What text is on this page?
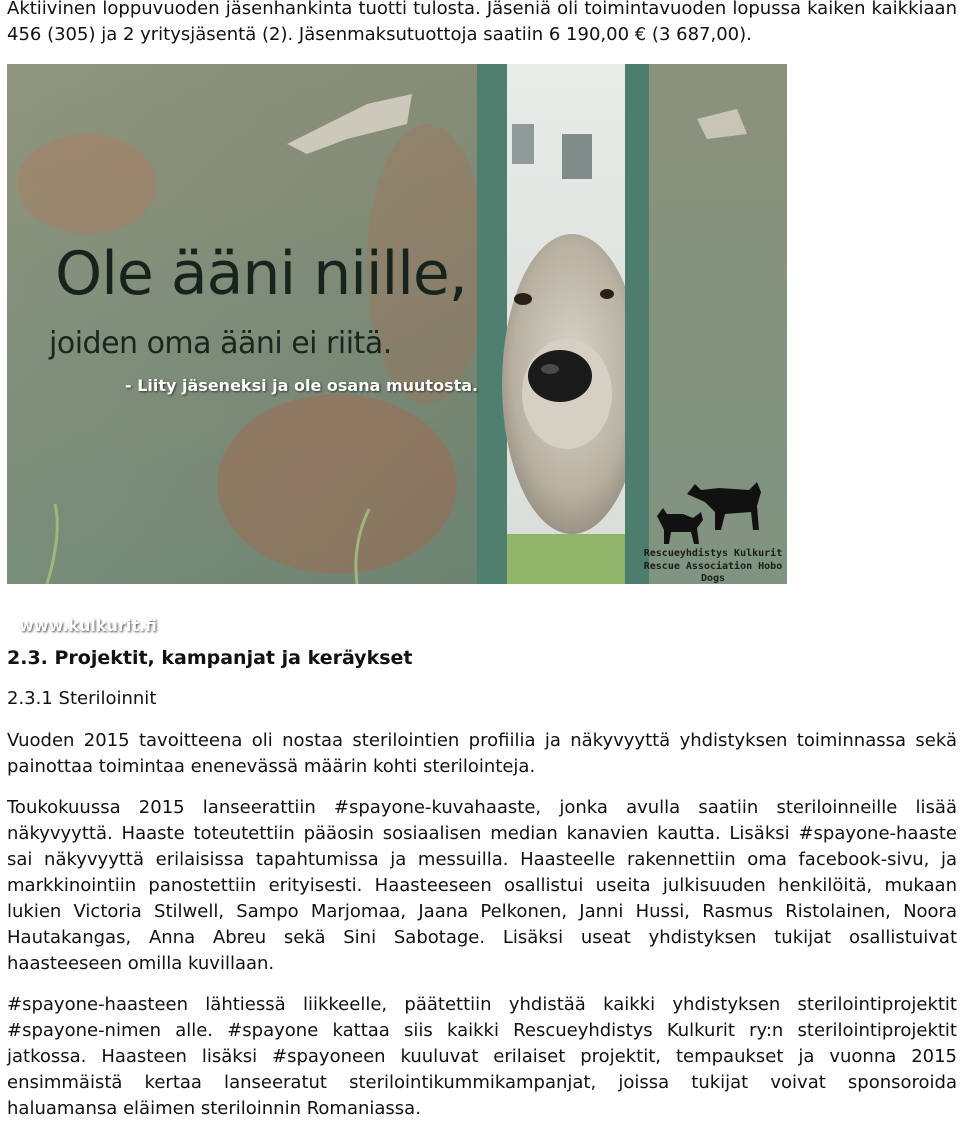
Aktiivinen loppuvuoden jäsenhankinta tuotti tulosta. Jäseniä oli toimintavuoden lopussa kaiken kaikkiaan 456 (305) ja 2 yritysjäsentä (2). Jäsenmaksutuottoja saatiin 6 190,00 € (3 687,00).

Ole ääni niille,
joiden oma ääni ei riitä.
- Liity jäseneksi ja ole osana muutosta.
www.kulkurit.fi
Rescueyhdistys Kulkurit
Rescue Association Hobo Dogs
2.3. Projektit, kampanjat ja keräykset
2.3.1 Steriloinnit

Vuoden 2015 tavoitteena oli nostaa sterilointien profiilia ja näkyvyyttä yhdistyksen toiminnassa sekä painottaa toimintaa enenevässä määrin kohti sterilointeja.

Toukokuussa 2015 lanseerattiin #spayone-kuvahaaste, jonka avulla saatiin steriloinneille lisää näkyvyyttä. Haaste toteutettiin pääosin sosiaalisen median kanavien kautta. Lisäksi #spayone-haaste sai näkyvyyttä erilaisissa tapahtumissa ja messuilla. Haasteelle rakennettiin oma facebook-sivu, ja markkinointiin panostettiin erityisesti. Haasteeseen osallistui useita julkisuuden henkilöitä, mukaan lukien Victoria Stilwell, Sampo Marjomaa, Jaana Pelkonen, Janni Hussi, Rasmus Ristolainen, Noora Hautakangas, Anna Abreu sekä Sini Sabotage. Lisäksi useat yhdistyksen tukijat osallistuivat haasteeseen omilla kuvillaan.

#spayone-haasteen lähtiessä liikkeelle, päätettiin yhdistää kaikki yhdistyksen sterilointiprojektit #spayone-nimen alle. #spayone kattaa siis kaikki Rescueyhdistys Kulkurit ry:n sterilointiprojektit jatkossa. Haasteen lisäksi #spayoneen kuuluvat erilaiset projektit, tempaukset ja vuonna 2015 ensimmäistä kertaa lanseeratut sterilointikummikampanjat, joissa tukijat voivat sponsoroida haluamansa eläimen steriloinnin Romaniassa.
